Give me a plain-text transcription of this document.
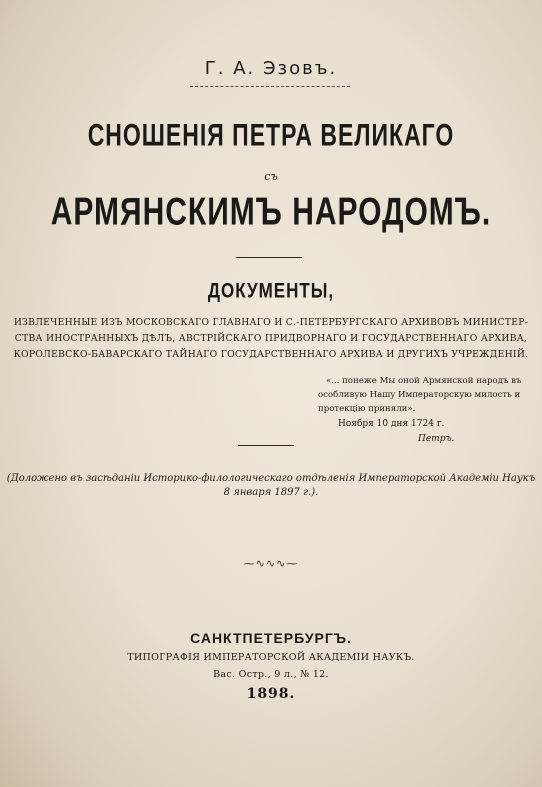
Г. А. Эзовъ.
СНОШЕНІЯ ПЕТРА ВЕЛИКАГО
съ
АРМЯНСКИМЪ НАРОДОМЪ.
ДОКУМЕНТЫ,
ИЗВЛЕЧЕННЫЕ ИЗЪ МОСКОВСКАГО ГЛАВНАГО И С.-ПЕТЕРБУРГСКАГО АРХИВОВЪ МИНИСТЕР-
СТВА ИНОСТРАННЫХЪ ДѢЛЪ, АВСТРІЙСКАГО ПРИДВОРНАГО И ГОСУДАРСТВЕННАГО АРХИВА,
КОРОЛЕВСКО-БАВАРСКАГО ТАЙНАГО ГОСУДАРСТВЕННАГО АРХИВА И ДРУГИХЪ УЧРЕЖДЕНІЙ.
«... понеже Мы оной Армянской народъ въ
особливую Нашу Императорскую милость и
протекцію приняли».
Ноября 10 дня 1724 г.
Петръ.
(Доложено въ засѣданіи Историко-филологическаго отдѣленія Императорской Академіи Наукъ
8 января 1897 г.).
⁓∿∿∿⁓
САНКТПЕТЕРБУРГЪ.
ТИПОГРАФІЯ ИМПЕРАТОРСКОЙ АКАДЕМІИ НАУКЪ.
Вас. Остр., 9 л., № 12.
1898.
